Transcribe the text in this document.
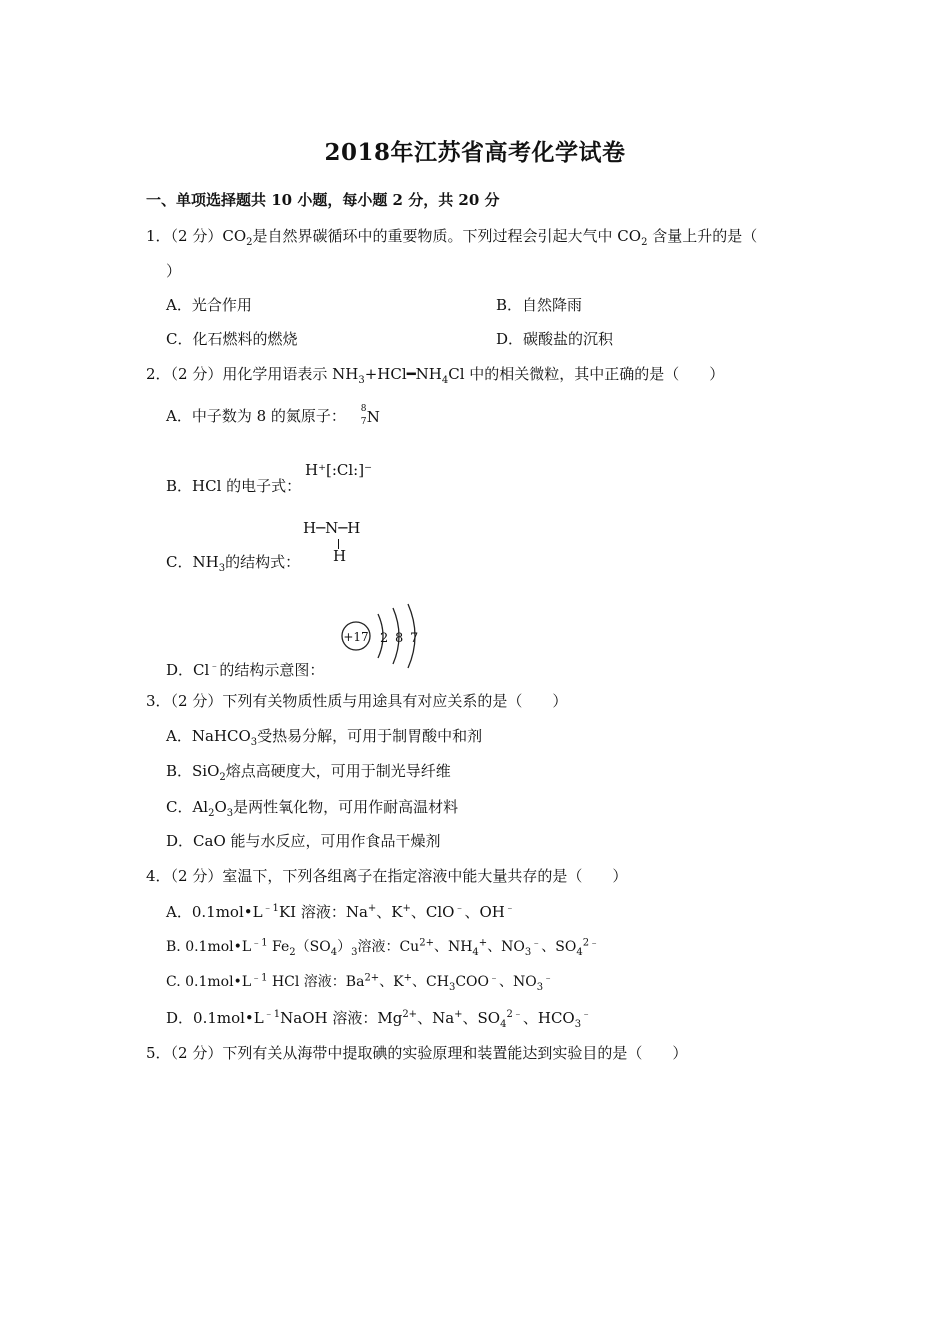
2018年江苏省高考化学试卷
一、单项选择题共 10 小题，每小题 2 分，共 20 分
1．（2 分）$CO_2$是自然界碳循环中的重要物质。下列过程会引起大气中 $CO_2$ 含量上升的是（
）
A．光合作用	B．自然降雨
C．化石燃料的燃烧	D．碳酸盐的沉积
2．（2 分）用化学用语表示 $NH_3+HCl━NH_4Cl$ 中的相关微粒，其中正确的是（　　）
A．中子数为 8 的氮原子： 8
7 N
B．HCl 的电子式：
H⁺[:Cl:]⁻
C．$NH_3$的结构式：
H─N─H
H
D．Cl﹣的结构示意图：
+17 2 8 7
3．（2 分）下列有关物质性质与用途具有对应关系的是（　　）
A．NaHCO$_3$受热易分解，可用于制胃酸中和剂
B．SiO$_2$熔点高硬度大，可用于制光导纤维
C．$Al_2O_3$是两性氧化物，可用作耐高温材料
D．CaO 能与水反应，可用作食品干燥剂
4．（2 分）室温下，下列各组离子在指定溶液中能大量共存的是（　　）
A．$0.1mol•L^{﹣1}KI$ 溶液：Na+、K+、ClO﹣、OH﹣
B. $0.1mol•L^{﹣1}$ $Fe_2(SO_4)_3$溶液：$Cu^{2+}$、$NH_4^+$、$NO_3^﹣$、$SO_4^{2﹣}$
C. $0.1mol•L^{﹣1}$ HCl 溶液：$Ba^{2+}$、K+、$CH_3COO^﹣$、$NO_3^﹣$
D．$0.1mol•L^{﹣1}NaOH$ 溶液：$Mg^{2+}$、Na+、$SO_4^{2﹣}$、$HCO_3^﹣$
5．（2 分）下列有关从海带中提取碘的实验原理和装置能达到实验目的是（　　）
